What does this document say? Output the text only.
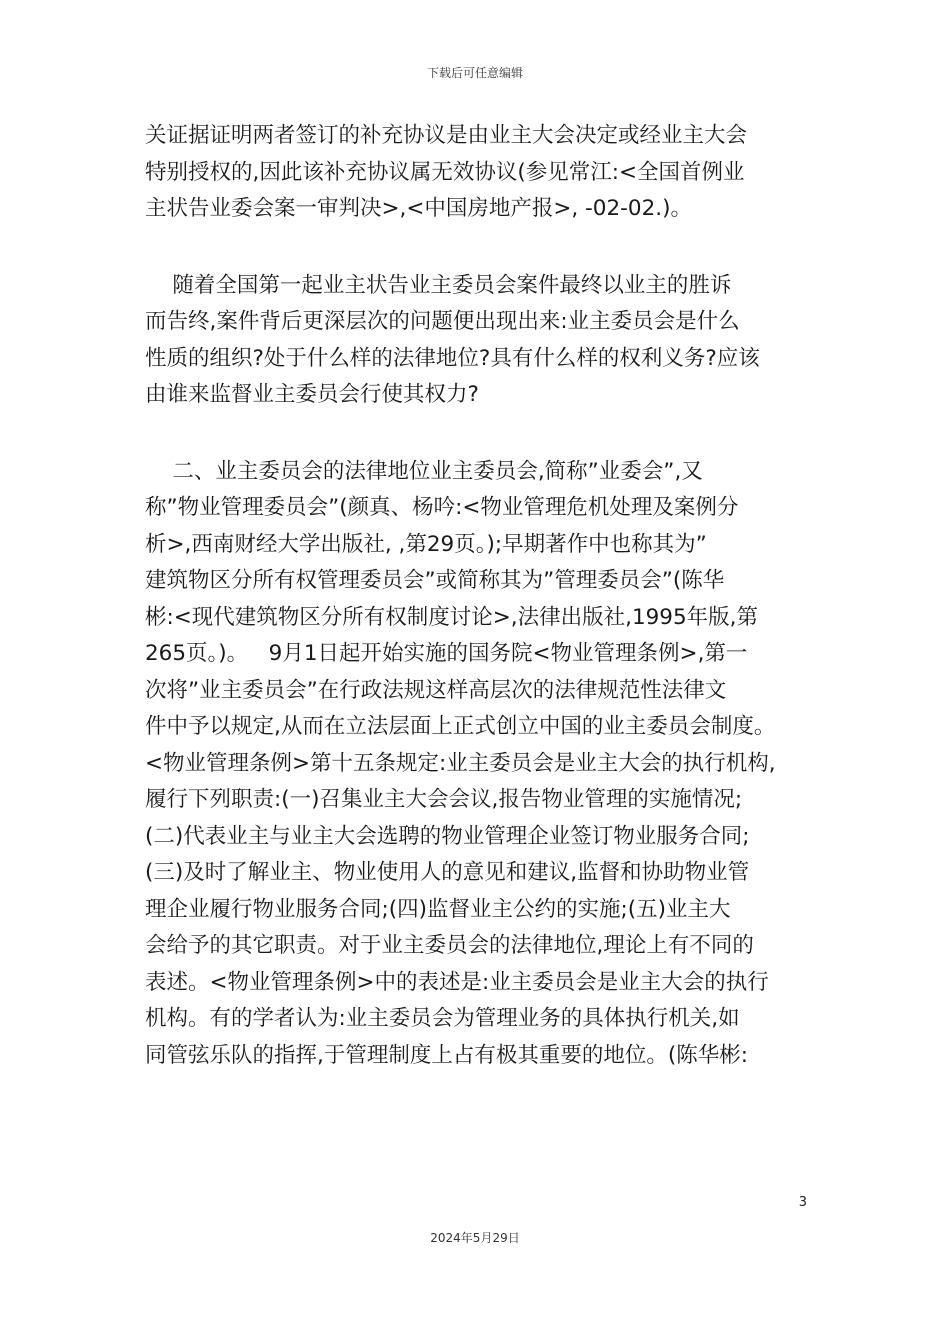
下载后可任意编辑
关证据证明两者签订的补充协议是由业主大会决定或经业主大会
特别授权的,因此该补充协议属无效协议(参见常江:<全国首例业
主状告业委会案一审判决>,<中国房地产报>, -02-02.)。
随着全国第一起业主状告业主委员会案件最终以业主的胜诉
而告终,案件背后更深层次的问题便出现出来:业主委员会是什么
性质的组织?处于什么样的法律地位?具有什么样的权利义务?应该
由谁来监督业主委员会行使其权力?
二、业主委员会的法律地位业主委员会,简称”业委会”,又
称”物业管理委员会”(颜真、杨吟:<物业管理危机处理及案例分
析>,西南财经大学出版社, ,第29页。);早期著作中也称其为”
建筑物区分所有权管理委员会”或简称其为”管理委员会”(陈华
彬:<现代建筑物区分所有权制度讨论>,法律出版社,1995年版,第
265页。)。   9月1日起开始实施的国务院<物业管理条例>,第一
次将”业主委员会”在行政法规这样高层次的法律规范性法律文
件中予以规定,从而在立法层面上正式创立中国的业主委员会制度。
<物业管理条例>第十五条规定:业主委员会是业主大会的执行机构,
履行下列职责:(一)召集业主大会会议,报告物业管理的实施情况;
(二)代表业主与业主大会选聘的物业管理企业签订物业服务合同;
(三)及时了解业主、物业使用人的意见和建议,监督和协助物业管
理企业履行物业服务合同;(四)监督业主公约的实施;(五)业主大
会给予的其它职责。对于业主委员会的法律地位,理论上有不同的
表述。<物业管理条例>中的表述是:业主委员会是业主大会的执行
机构。有的学者认为:业主委员会为管理业务的具体执行机关,如
同管弦乐队的指挥,于管理制度上占有极其重要的地位。(陈华彬:
3
2024年5月29日
